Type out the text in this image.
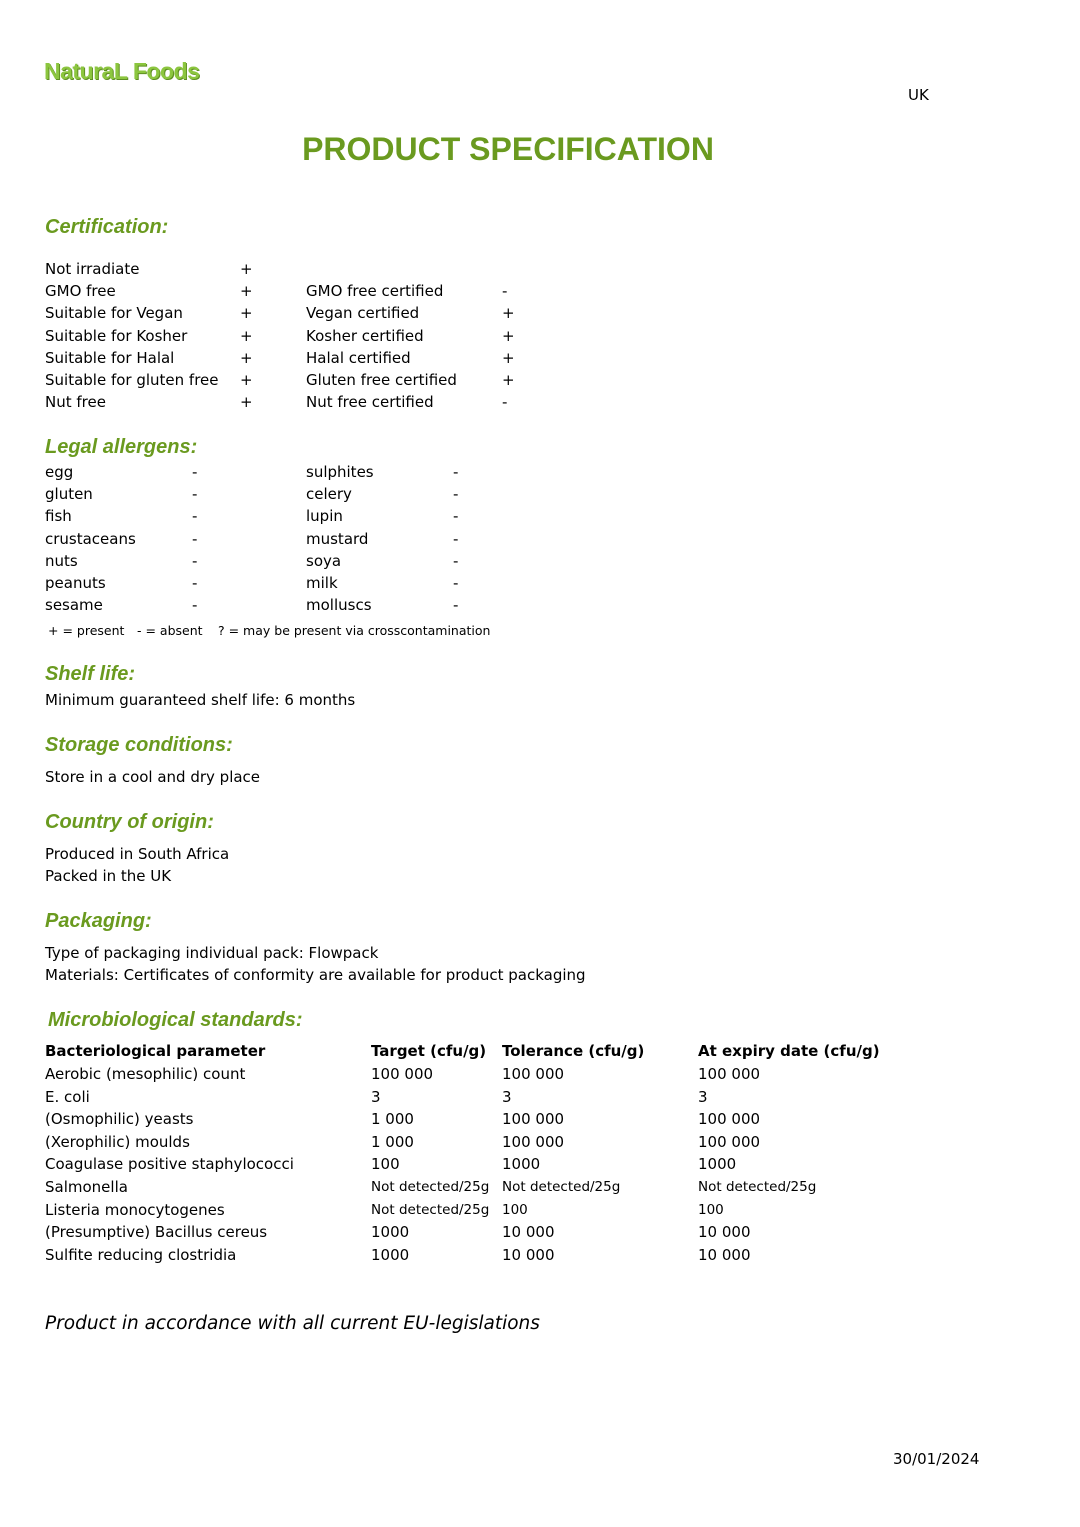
NaturaL Foods
UK
PRODUCT SPECIFICATION
Certification:
Not irradiate	+
GMO free	+	GMO free certified	-
Suitable for Vegan	+	Vegan certified	+
Suitable for Kosher	+	Kosher certified	+
Suitable for Halal	+	Halal certified	+
Suitable for gluten free +	Gluten free certified	+
Nut free	+	Nut free certified	-
Legal allergens:
egg	-	sulphites	-
gluten	-	celery	-
fish	-	lupin	-
crustaceans	-	mustard	-
nuts	-	soya	-
peanuts	-	milk	-
sesame	-	molluscs	-
+ = present - = absent ? = may be present via crosscontamination
Shelf life:
Minimum guaranteed shelf life: 6 months
Storage conditions:
Store in a cool and dry place
Country of origin:
Produced in South Africa
Packed in the UK
Packaging:
Type of packaging individual pack: Flowpack
Materials: Certificates of conformity are available for product packaging
Microbiological standards:
Bacteriological parameter	Target (cfu/g) Tolerance (cfu/g)	At expiry date (cfu/g)
Aerobic (mesophilic) count	100 000	100 000	100 000
E. coli	3	3	3
(Osmophilic) yeasts	1 000	100 000	100 000
(Xerophilic) moulds	1 000	100 000	100 000
Coagulase positive staphylococci	100	1000	1000
Salmonella	Not detected/25g Not detected/25g	Not detected/25g
Listeria monocytogenes	Not detected/25g 100	100
(Presumptive) Bacillus cereus	1000	10 000	10 000
Sulfite reducing clostridia	1000	10 000	10 000
Product in accordance with all current EU-legislations
30/01/2024
